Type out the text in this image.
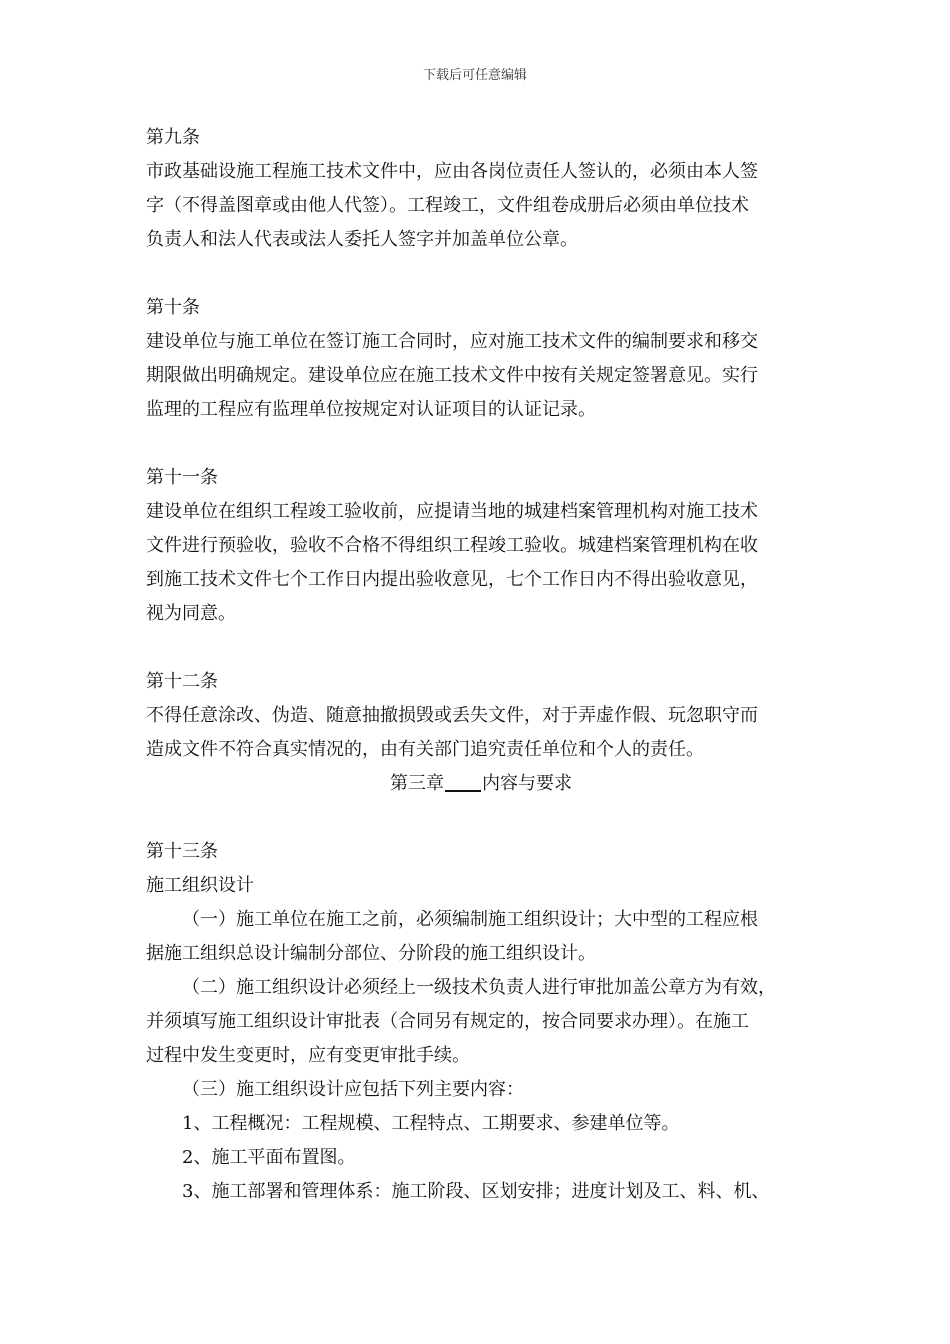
下载后可任意编辑
第九条
市政基础设施工程施工技术文件中，应由各岗位责任人签认的，必须由本人签
字（不得盖图章或由他人代签）。工程竣工，文件组卷成册后必须由单位技术
负责人和法人代表或法人委托人签字并加盖单位公章。
第十条
建设单位与施工单位在签订施工合同时，应对施工技术文件的编制要求和移交
期限做出明确规定。建设单位应在施工技术文件中按有关规定签署意见。实行
监理的工程应有监理单位按规定对认证项目的认证记录。
第十一条
建设单位在组织工程竣工验收前，应提请当地的城建档案管理机构对施工技术
文件进行预验收，验收不合格不得组织工程竣工验收。城建档案管理机构在收
到施工技术文件七个工作日内提出验收意见，七个工作日内不得出验收意见，
视为同意。
第十二条
不得任意涂改、伪造、随意抽撤损毁或丢失文件，对于弄虚作假、玩忽职守而
造成文件不符合真实情况的，由有关部门追究责任单位和个人的责任。
第三章 内容与要求
第十三条
施工组织设计
（一）施工单位在施工之前，必须编制施工组织设计；大中型的工程应根
据施工组织总设计编制分部位、分阶段的施工组织设计。
（二）施工组织设计必须经上一级技术负责人进行审批加盖公章方为有效，
并须填写施工组织设计审批表（合同另有规定的，按合同要求办理）。在施工
过程中发生变更时，应有变更审批手续。
（三）施工组织设计应包括下列主要内容：
1、工程概况：工程规模、工程特点、工期要求、参建单位等。
2、施工平面布置图。
3、施工部署和管理体系：施工阶段、区划安排；进度计划及工、料、机、
